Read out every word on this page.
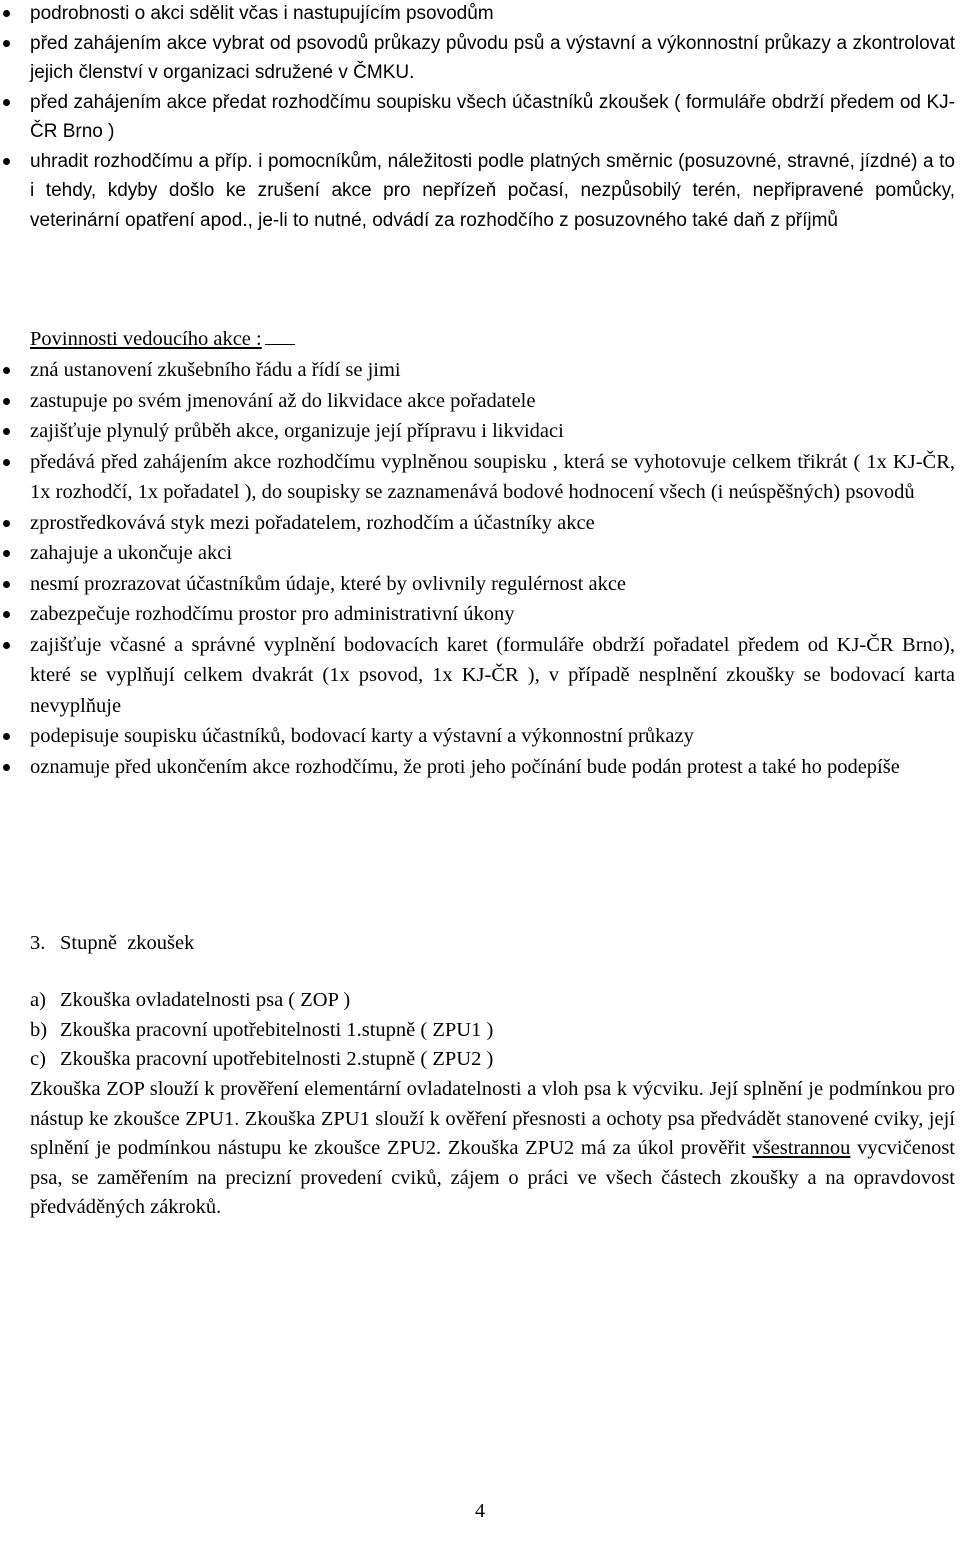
podrobnosti o akci sdělit včas i nastupujícím psovodům
před zahájením akce vybrat od psovodů průkazy původu psů a výstavní a výkonnostní průkazy a zkontrolovat jejich členství v organizaci sdružené v ČMKU.
před zahájením akce předat rozhodčímu soupisku všech účastníků zkoušek ( formuláře obdrží předem od KJ-ČR Brno )
uhradit rozhodčímu a příp. i pomocníkům, náležitosti podle platných směrnic (posuzovné, stravné, jízdné) a to i tehdy, kdyby došlo ke zrušení akce pro nepřízeň počasí, nezpůsobilý terén, nepřipravené pomůcky, veterinární opatření apod., je-li to nutné, odvádí za rozhodčího z posuzovného také daň z příjmů
Povinnosti vedoucího akce :
zná ustanovení zkušebního řádu a řídí se jimi
zastupuje po svém jmenování až do likvidace akce pořadatele
zajišťuje plynulý průběh akce, organizuje její přípravu i likvidaci
předává před zahájením akce rozhodčímu vyplněnou soupisku , která se vyhotovuje celkem třikrát ( 1x KJ-ČR, 1x rozhodčí, 1x pořadatel ), do soupisky se zaznamenává bodové hodnocení všech (i neúspěšných) psovodů
zprostředkovává styk mezi pořadatelem, rozhodčím a účastníky akce
zahajuje a ukončuje akci
nesmí prozrazovat účastníkům údaje, které by ovlivnily regulérnost akce
zabezpečuje rozhodčímu prostor pro administrativní úkony
zajišťuje včasné a správné vyplnění bodovacích karet (formuláře obdrží pořadatel předem od KJ-ČR Brno), které se vyplňují celkem dvakrát (1x psovod, 1x KJ-ČR ), v případě nesplnění zkoušky se bodovací karta nevyplňuje
podepisuje soupisku účastníků, bodovací karty a výstavní a výkonnostní průkazy
oznamuje před ukončením akce rozhodčímu, že proti jeho počínání bude podán protest a také ho podepíše
3. Stupně  zkoušek
a) Zkouška ovladatelnosti psa ( ZOP )
b) Zkouška pracovní upotřebitelnosti 1.stupně ( ZPU1 )
c) Zkouška pracovní upotřebitelnosti 2.stupně ( ZPU2 )

Zkouška ZOP slouží k prověření elementární ovladatelnosti a vloh psa k výcviku. Její splnění je podmínkou pro nástup ke zkoušce ZPU1. Zkouška ZPU1 slouží k ověření přesnosti a ochoty psa předvádět stanovené cviky, její splnění je podmínkou nástupu ke zkoušce ZPU2. Zkouška ZPU2 má za úkol prověřit všestrannou vycvičenost psa, se zaměřením na precizní provedení cviků, zájem o práci ve všech částech zkoušky a na opravdovost předváděných zákroků.

4
